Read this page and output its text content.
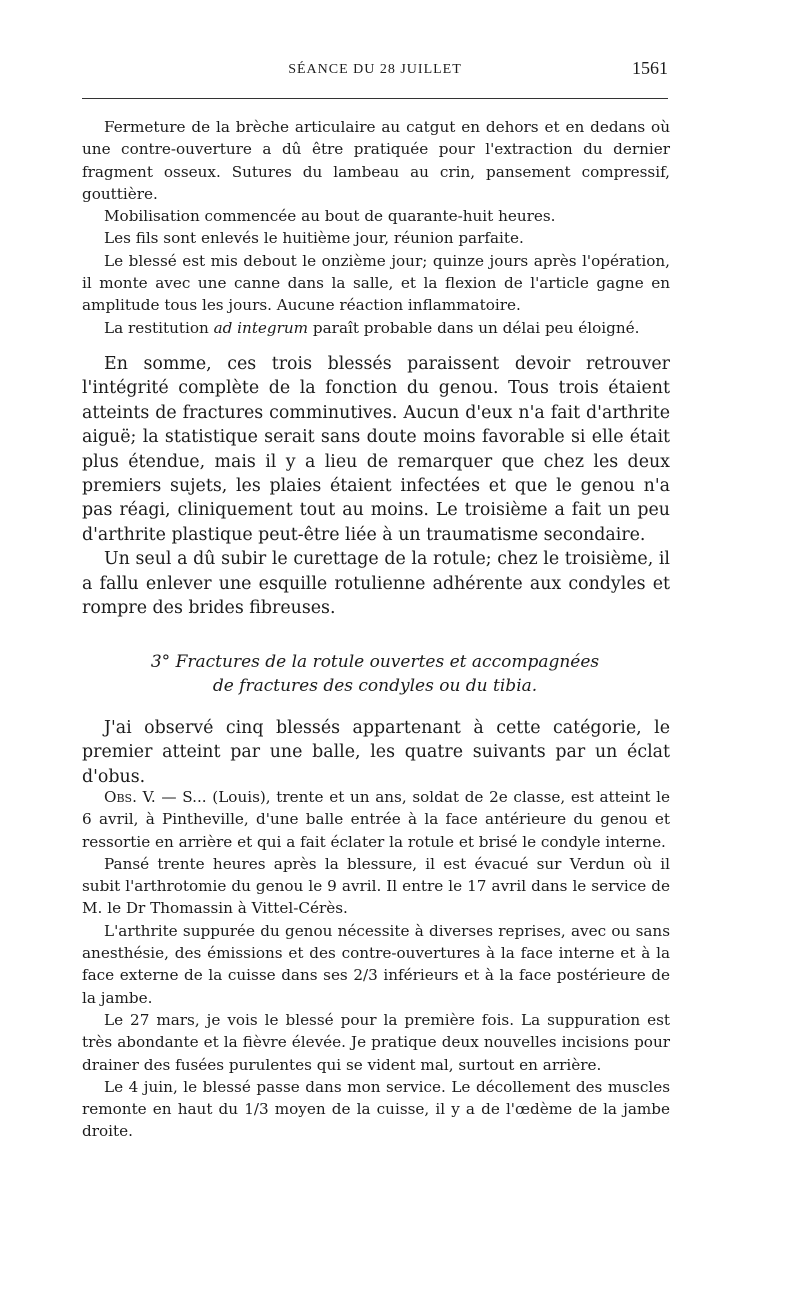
SÉANCE DU 28 JUILLET	1561

Fermeture de la brèche articulaire au catgut en dehors et en dedans où une contre-ouverture a dû être pratiquée pour l'extraction du dernier fragment osseux. Sutures du lambeau au crin, pansement compressif, gouttière.

Mobilisation commencée au bout de quarante-huit heures.

Les fils sont enlevés le huitième jour, réunion parfaite.

Le blessé est mis debout le onzième jour; quinze jours après l'opération, il monte avec une canne dans la salle, et la flexion de l'article gagne en amplitude tous les jours. Aucune réaction inflammatoire.

La restitution ad integrum paraît probable dans un délai peu éloigné.

En somme, ces trois blessés paraissent devoir retrouver l'intégrité complète de la fonction du genou. Tous trois étaient atteints de fractures comminutives. Aucun d'eux n'a fait d'arthrite aiguë; la statistique serait sans doute moins favorable si elle était plus étendue, mais il y a lieu de remarquer que chez les deux premiers sujets, les plaies étaient infectées et que le genou n'a pas réagi, cliniquement tout au moins. Le troisième a fait un peu d'arthrite plastique peut-être liée à un traumatisme secondaire.

Un seul a dû subir le curettage de la rotule; chez le troisième, il a fallu enlever une esquille rotulienne adhérente aux condyles et rompre des brides fibreuses.

3° Fractures de la rotule ouvertes et accompagnées
de fractures des condyles ou du tibia.

J'ai observé cinq blessés appartenant à cette catégorie, le premier atteint par une balle, les quatre suivants par un éclat d'obus.

Obs. V. — S... (Louis), trente et un ans, soldat de 2e classe, est atteint le 6 avril, à Pintheville, d'une balle entrée à la face antérieure du genou et ressortie en arrière et qui a fait éclater la rotule et brisé le condyle interne.

Pansé trente heures après la blessure, il est évacué sur Verdun où il subit l'arthrotomie du genou le 9 avril. Il entre le 17 avril dans le service de M. le Dr Thomassin à Vittel-Cérès.

L'arthrite suppurée du genou nécessite à diverses reprises, avec ou sans anesthésie, des émissions et des contre-ouvertures à la face interne et à la face externe de la cuisse dans ses 2/3 inférieurs et à la face postérieure de la jambe.

Le 27 mars, je vois le blessé pour la première fois. La suppuration est très abondante et la fièvre élevée. Je pratique deux nouvelles incisions pour drainer des fusées purulentes qui se vident mal, surtout en arrière.

Le 4 juin, le blessé passe dans mon service. Le décollement des muscles remonte en haut du 1/3 moyen de la cuisse, il y a de l'œdème de la jambe droite.
